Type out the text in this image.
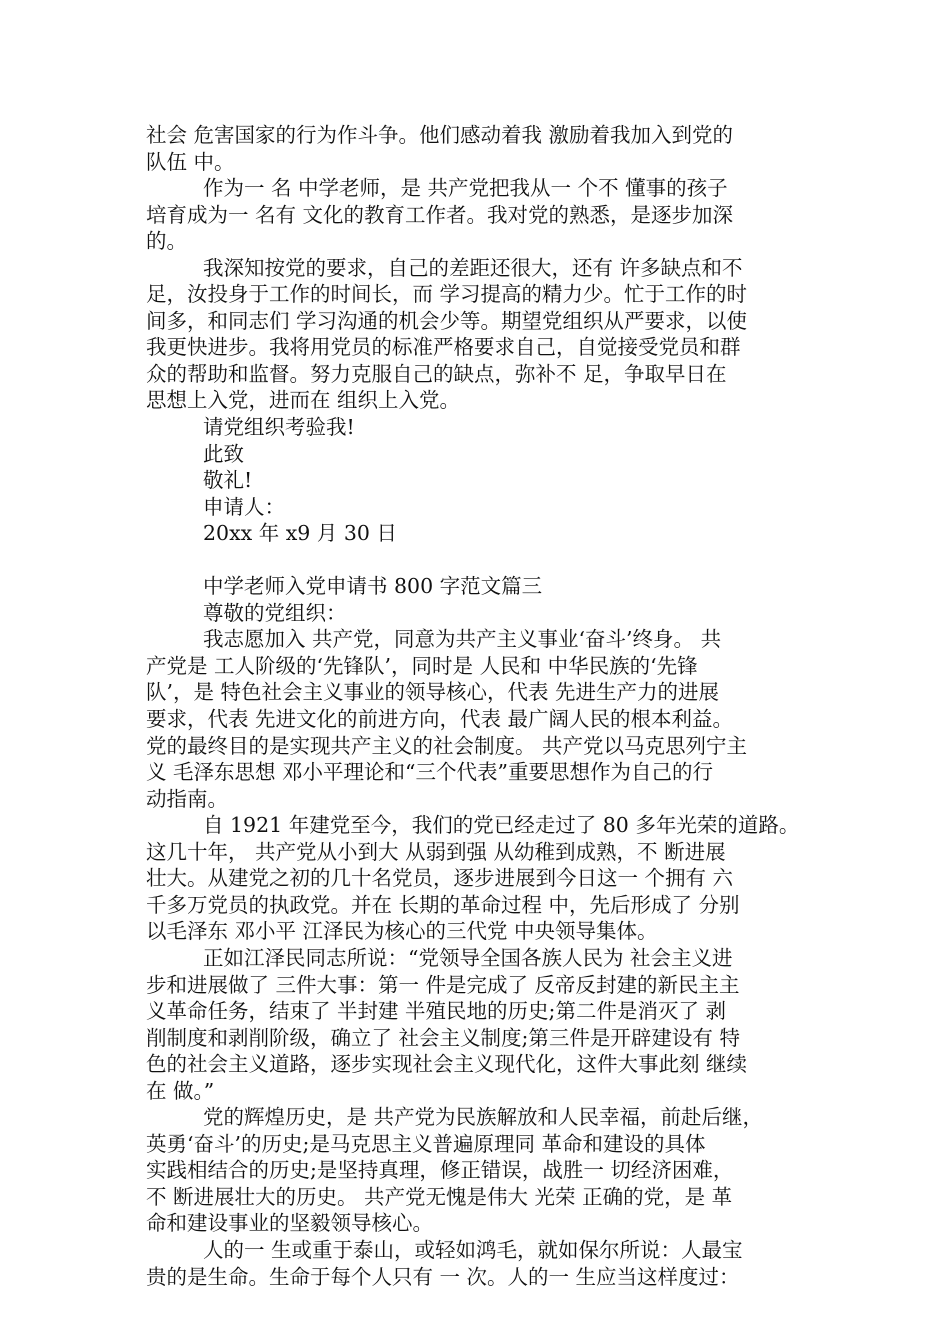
社会 危害国家的行为作斗争。他们感动着我 激励着我加入到党的
队伍 中。
作为一 名 中学老师，是 共产党把我从一 个不 懂事的孩子
培育成为一 名有 文化的教育工作者。我对党的熟悉，是逐步加深
的。
我深知按党的要求，自己的差距还很大，还有 许多缺点和不
足，汝投身于工作的时间长，而 学习提高的精力少。忙于工作的时
间多，和同志们 学习沟通的机会少等。期望党组织从严要求，以使
我更快进步。我将用党员的标准严格要求自己，自觉接受党员和群
众的帮助和监督。努力克服自己的缺点，弥补不 足，争取早日在
思想上入党，进而在 组织上入党。
请党组织考验我!
此致
敬礼!
申请人：
20xx 年 x9 月 30 日
中学老师入党申请书 800 字范文篇三
尊敬的党组织：
我志愿加入 共产党，同意为共产主义事业‘奋斗’终身。 共
产党是 工人阶级的‘先锋队’，同时是 人民和 中华民族的‘先锋
队’，是 特色社会主义事业的领导核心，代表 先进生产力的进展
要求，代表 先进文化的前进方向，代表 最广阔人民的根本利益。
党的最终目的是实现共产主义的社会制度。 共产党以马克思列宁主
义 毛泽东思想 邓小平理论和“三个代表”重要思想作为自己的行
动指南。
自 1921 年建党至今，我们的党已经走过了 80 多年光荣的道路。
这几十年， 共产党从小到大 从弱到强 从幼稚到成熟，不 断进展
壮大。从建党之初的几十名党员，逐步进展到今日这一 个拥有 六
千多万党员的执政党。并在 长期的革命过程 中，先后形成了 分别
以毛泽东 邓小平 江泽民为核心的三代党 中央领导集体。
正如江泽民同志所说：“党领导全国各族人民为 社会主义进
步和进展做了 三件大事：第一 件是完成了 反帝反封建的新民主主
义革命任务，结束了 半封建 半殖民地的历史;第二件是消灭了 剥
削制度和剥削阶级，确立了 社会主义制度;第三件是开辟建设有 特
色的社会主义道路，逐步实现社会主义现代化，这件大事此刻 继续
在 做。”
党的辉煌历史，是 共产党为民族解放和人民幸福，前赴后继，
英勇‘奋斗’的历史;是马克思主义普遍原理同 革命和建设的具体
实践相结合的历史;是坚持真理，修正错误，战胜一 切经济困难，
不 断进展壮大的历史。 共产党无愧是伟大 光荣 正确的党，是 革
命和建设事业的坚毅领导核心。
人的一 生或重于泰山，或轻如鸿毛，就如保尔所说：人最宝
贵的是生命。生命于每个人只有 一 次。人的一 生应当这样度过：
